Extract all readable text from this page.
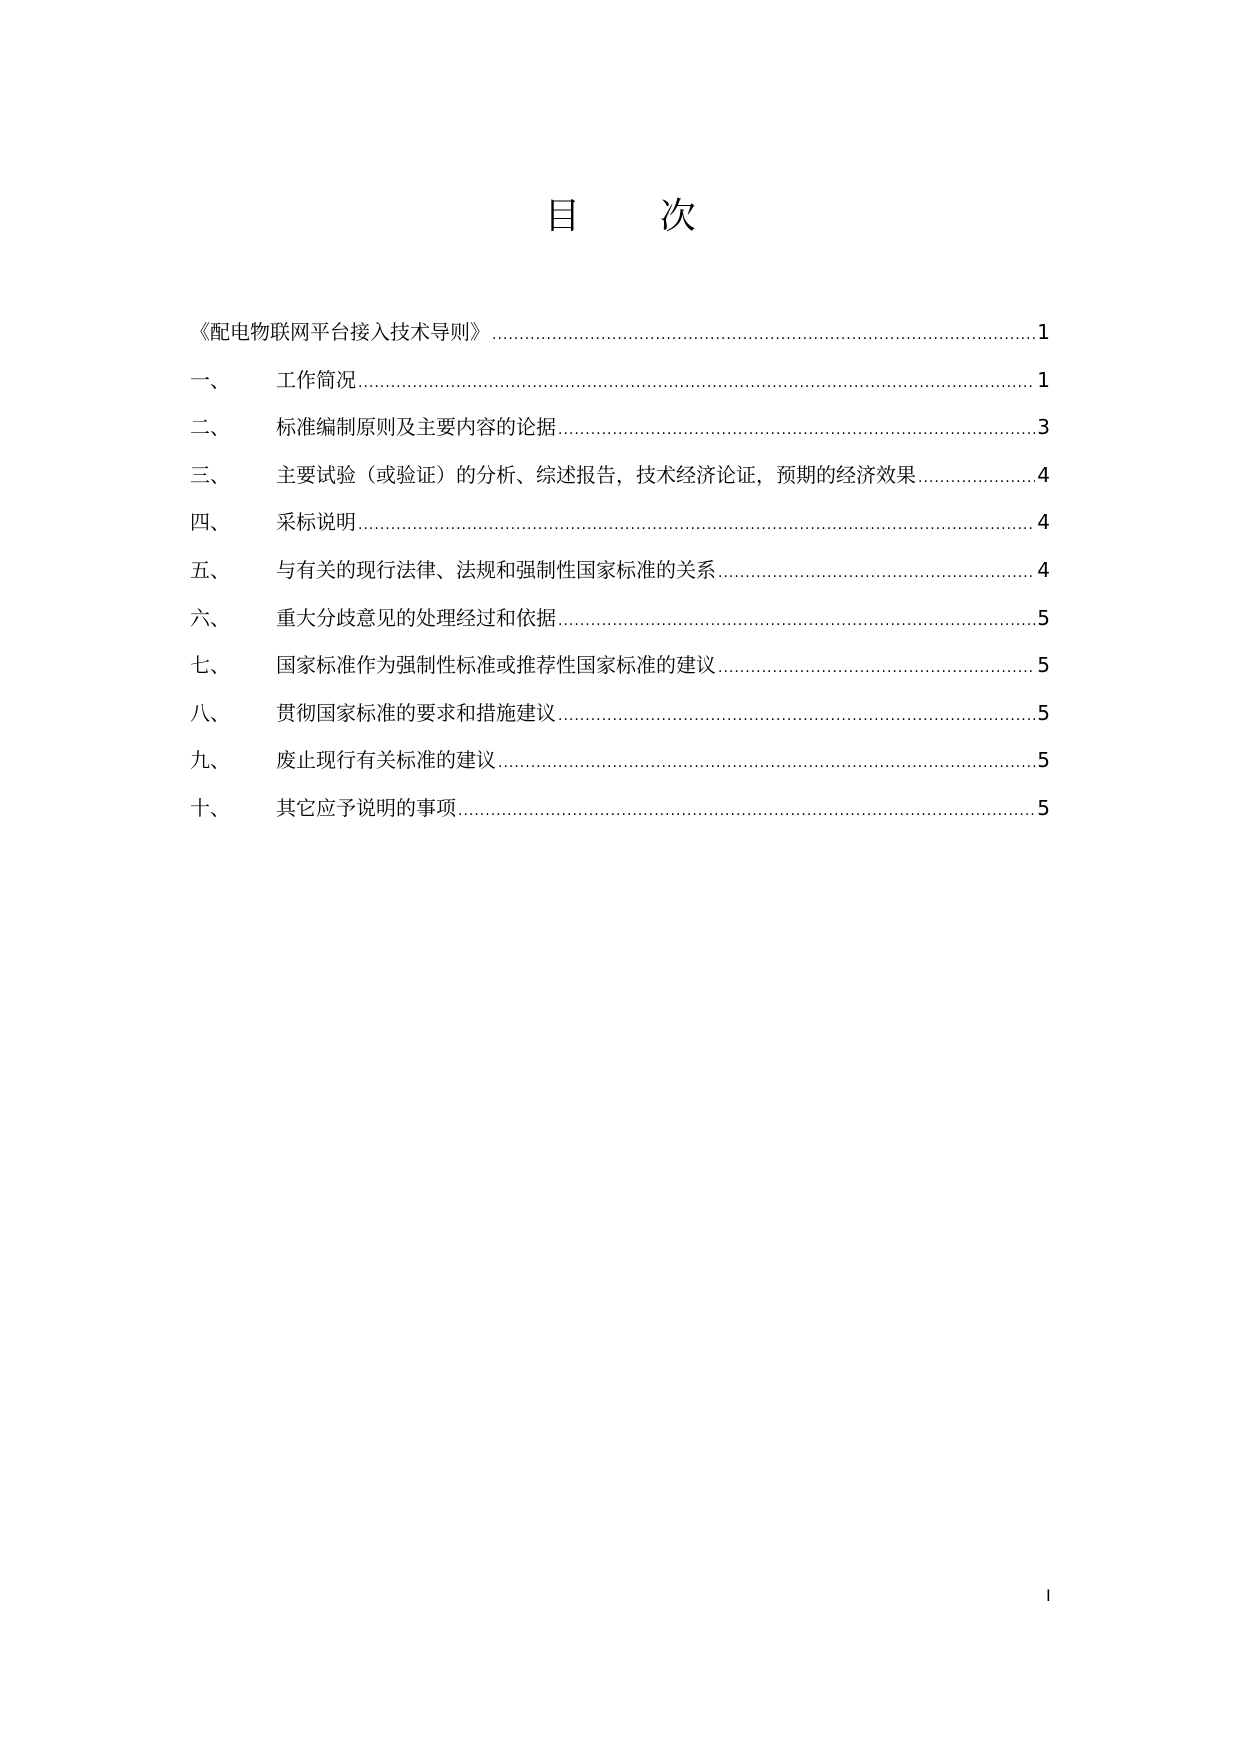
目 次
《配电物联网平台接入技术导则》 .....	1
一、	工作简况 .....	1
二、	标准编制原则及主要内容的论据 .....	3
三、	主要试验（或验证）的分析、综述报告，技术经济论证，预期的经济效果 .....	4
四、	采标说明 .....	4
五、	与有关的现行法律、法规和强制性国家标准的关系 .....	4
六、	重大分歧意见的处理经过和依据 .....	5
七、	国家标准作为强制性标准或推荐性国家标准的建议 .....	5
八、	贯彻国家标准的要求和措施建议 .....	5
九、	废止现行有关标准的建议 .....	5
十、	其它应予说明的事项 .....	5
I
